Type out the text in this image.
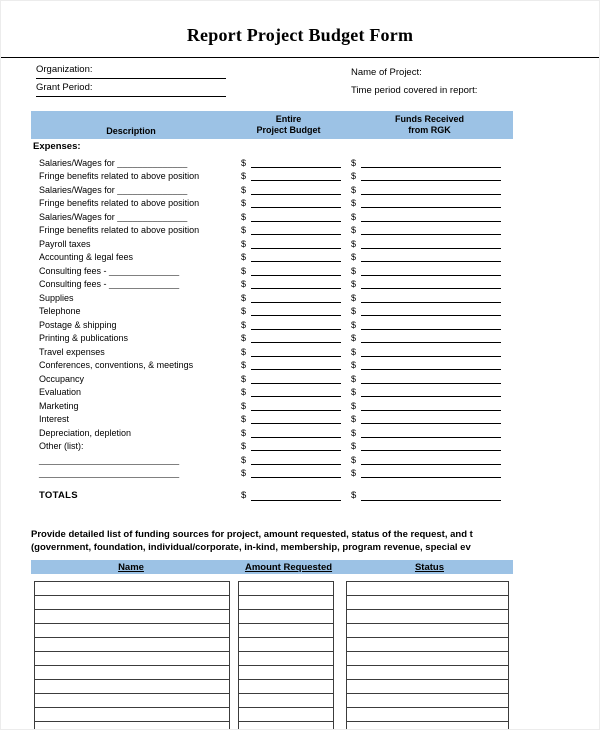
Report Project Budget Form
Organization:
Grant Period:
Name of Project:
Time period covered in report:
Description
Entire
Project Budget
Funds Received
from RGK
Expenses:
Salaries/Wages for ______________	$	$
Fringe benefits related to above position	$	$
Salaries/Wages for ______________	$	$
Fringe benefits related to above position	$	$
Salaries/Wages for ______________	$	$
Fringe benefits related to above position	$	$
Payroll taxes	$	$
Accounting & legal fees	$	$
Consulting fees - ______________	$	$
Consulting fees - ______________	$	$
Supplies	$	$
Telephone	$	$
Postage & shipping	$	$
Printing & publications	$	$
Travel expenses	$	$
Conferences, conventions, & meetings	$	$
Occupancy	$	$
Evaluation	$	$
Marketing	$	$
Interest	$	$
Depreciation, depletion	$	$
Other (list):	$	$
____________________________	$	$
____________________________	$	$
TOTALS	$	$
Provide detailed list of funding sources for project, amount requested, status of the request, and t
(government, foundation, individual/corporate, in-kind, membership, program revenue, special ev
Name	Amount Requested	Status
